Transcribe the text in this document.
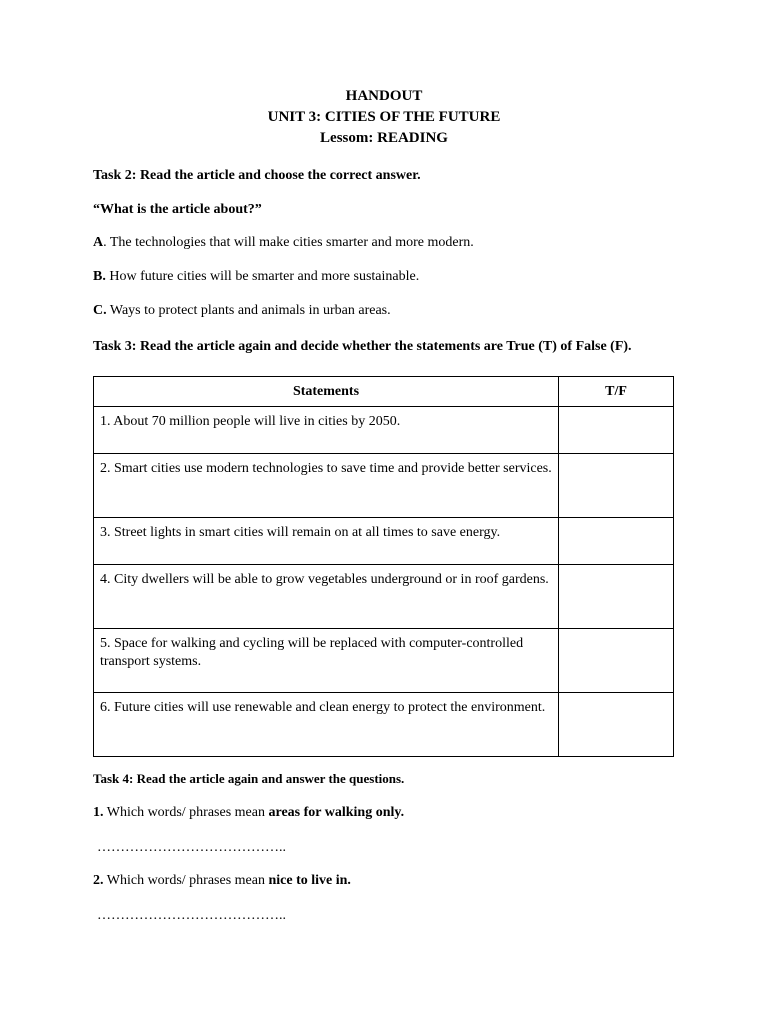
HANDOUT
UNIT 3: CITIES OF THE FUTURE
Lessom: READING
Task 2: Read the article and choose the correct answer.
“What is the article about?”
A. The technologies that will make cities smarter and more modern.
B. How future cities will be smarter and more sustainable.
C. Ways to protect plants and animals in urban areas.
Task 3: Read the article again and decide whether the statements are True (T) of False (F).
Statements	T/F
1. About 70 million people will live in cities by 2050.	
2. Smart cities use modern technologies to save time and provide better services.	
3. Street lights in smart cities will remain on at all times to save energy.	
4. City dwellers will be able to grow vegetables underground or in roof gardens.	
5. Space for walking and cycling will be replaced with computer-controlled transport systems.	
6. Future cities will use renewable and clean energy to protect the environment.	
Task 4: Read the article again and answer the questions.
1. Which words/ phrases mean areas for walking only.
…………………………………..
2. Which words/ phrases mean nice to live in.
…………………………………..
